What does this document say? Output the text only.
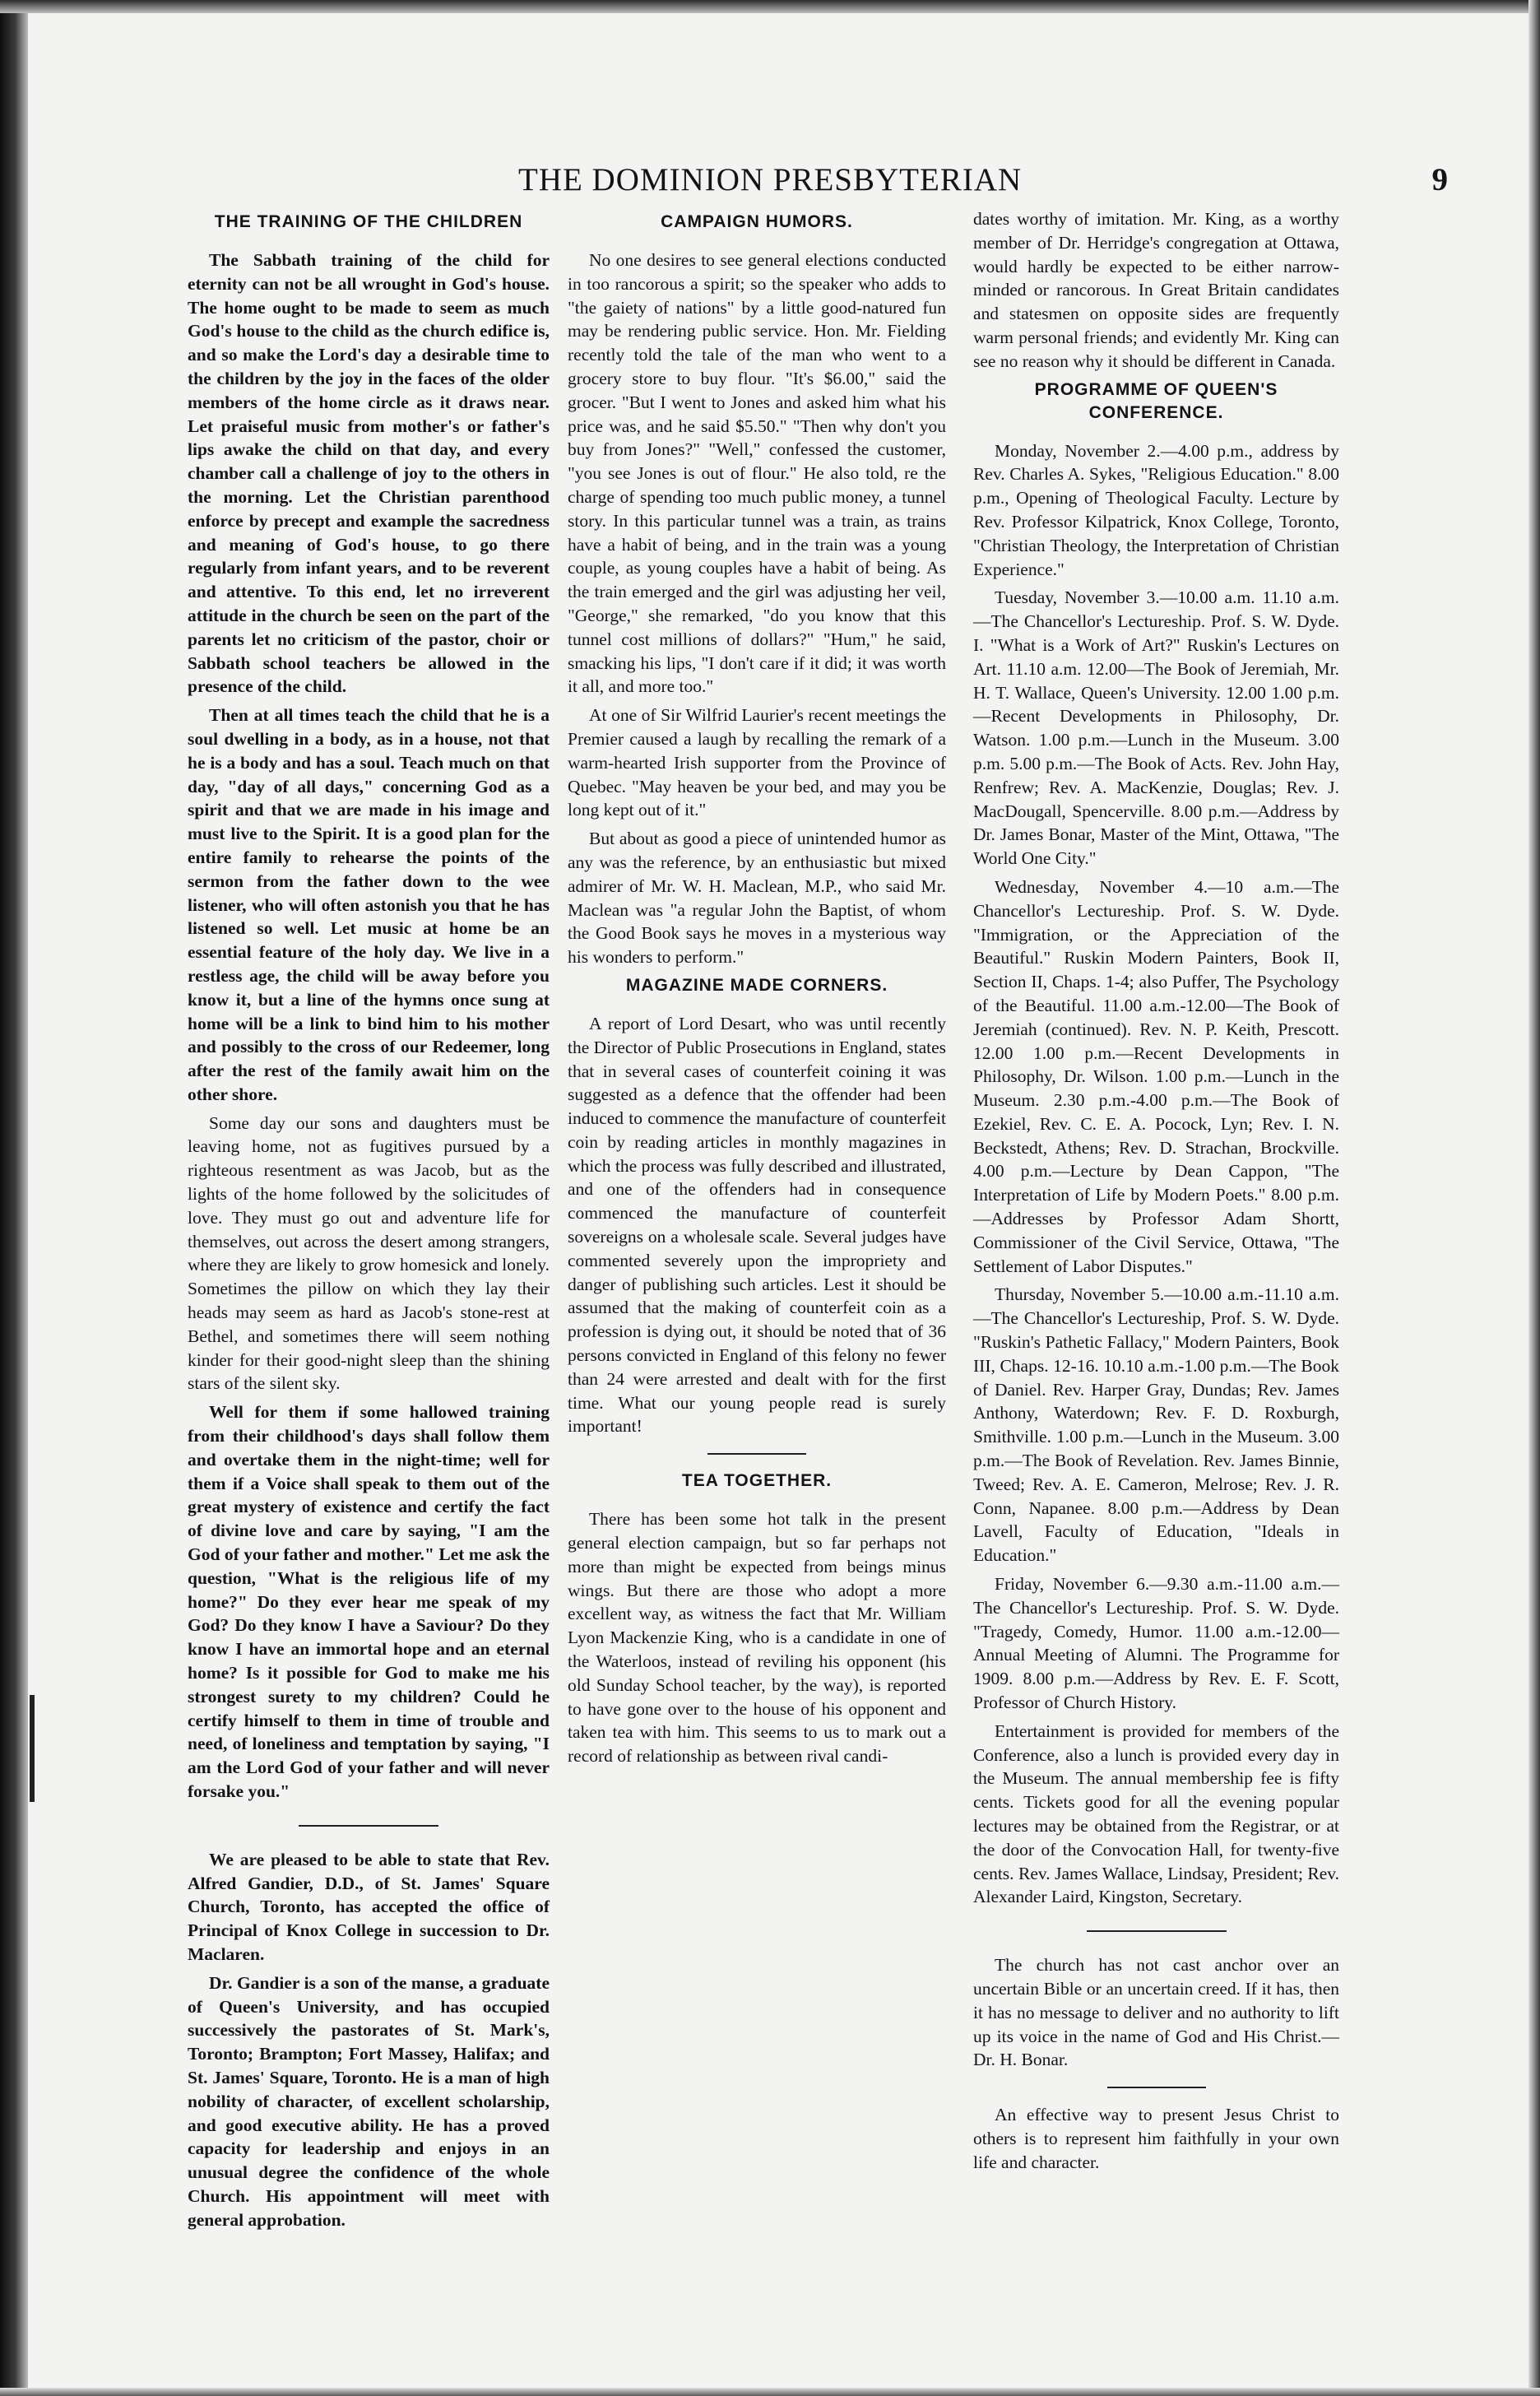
THE DOMINION PRESBYTERIAN	9
THE TRAINING OF THE CHILDREN

The Sabbath training of the child for eternity can not be all wrought in God's house. The home ought to be made to seem as much God's house to the child as the church edifice is, and so make the Lord's day a desirable time to the children by the joy in the faces of the older members of the home circle as it draws near. Let praiseful music from mother's or father's lips awake the child on that day, and every chamber call a challenge of joy to the others in the morning. Let the Christian parenthood enforce by precept and example the sacredness and meaning of God's house, to go there regularly from infant years, and to be reverent and attentive. To this end, let no irreverent attitude in the church be seen on the part of the parents let no criticism of the pastor, choir or Sabbath school teachers be allowed in the presence of the child.

Then at all times teach the child that he is a soul dwelling in a body, as in a house, not that he is a body and has a soul. Teach much on that day, "day of all days," concerning God as a spirit and that we are made in his image and must live to the Spirit. It is a good plan for the entire family to rehearse the points of the sermon from the father down to the wee listener, who will often astonish you that he has listened so well. Let music at home be an essential feature of the holy day. We live in a restless age, the child will be away before you know it, but a line of the hymns once sung at home will be a link to bind him to his mother and possibly to the cross of our Redeemer, long after the rest of the family await him on the other shore.

Some day our sons and daughters must be leaving home, not as fugitives pursued by a righteous resentment as was Jacob, but as the lights of the home followed by the solicitudes of love. They must go out and adventure life for themselves, out across the desert among strangers, where they are likely to grow homesick and lonely. Sometimes the pillow on which they lay their heads may seem as hard as Jacob's stone-rest at Bethel, and sometimes there will seem nothing kinder for their good-night sleep than the shining stars of the silent sky.

Well for them if some hallowed training from their childhood's days shall follow them and overtake them in the night-time; well for them if a Voice shall speak to them out of the great mystery of existence and certify the fact of divine love and care by saying, "I am the God of your father and mother." Let me ask the question, "What is the religious life of my home?" Do they ever hear me speak of my God? Do they know I have a Saviour? Do they know I have an immortal hope and an eternal home? Is it possible for God to make me his strongest surety to my children? Could he certify himself to them in time of trouble and need, of loneliness and temptation by saying, "I am the Lord God of your father and will never forsake you."

We are pleased to be able to state that Rev. Alfred Gandier, D.D., of St. James' Square Church, Toronto, has accepted the office of Principal of Knox College in succession to Dr. Maclaren.

Dr. Gandier is a son of the manse, a graduate of Queen's University, and has occupied successively the pastorates of St. Mark's, Toronto; Brampton; Fort Massey, Halifax; and St. James' Square, Toronto. He is a man of high nobility of character, of excellent scholarship, and good executive ability. He has a proved capacity for leadership and enjoys in an unusual degree the confidence of the whole Church. His appointment will meet with general approbation.

CAMPAIGN HUMORS.

No one desires to see general elections conducted in too rancorous a spirit; so the speaker who adds to "the gaiety of nations" by a little good-natured fun may be rendering public service. Hon. Mr. Fielding recently told the tale of the man who went to a grocery store to buy flour. "It's $6.00," said the grocer. "But I went to Jones and asked him what his price was, and he said $5.50." "Then why don't you buy from Jones?" "Well," confessed the customer, "you see Jones is out of flour." He also told, re the charge of spending too much public money, a tunnel story. In this particular tunnel was a train, as trains have a habit of being, and in the train was a young couple, as young couples have a habit of being. As the train emerged and the girl was adjusting her veil, "George," she remarked, "do you know that this tunnel cost millions of dollars?" "Hum," he said, smacking his lips, "I don't care if it did; it was worth it all, and more too."

At one of Sir Wilfrid Laurier's recent meetings the Premier caused a laugh by recalling the remark of a warm-hearted Irish supporter from the Province of Quebec. "May heaven be your bed, and may you be long kept out of it."

But about as good a piece of unintended humor as any was the reference, by an enthusiastic but mixed admirer of Mr. W. H. Maclean, M.P., who said Mr. Maclean was "a regular John the Baptist, of whom the Good Book says he moves in a mysterious way his wonders to perform."

MAGAZINE MADE CORNERS.

A report of Lord Desart, who was until recently the Director of Public Prosecutions in England, states that in several cases of counterfeit coining it was suggested as a defence that the offender had been induced to commence the manufacture of counterfeit coin by reading articles in monthly magazines in which the process was fully described and illustrated, and one of the offenders had in consequence commenced the manufacture of counterfeit sovereigns on a wholesale scale. Several judges have commented severely upon the impropriety and danger of publishing such articles. Lest it should be assumed that the making of counterfeit coin as a profession is dying out, it should be noted that of 36 persons convicted in England of this felony no fewer than 24 were arrested and dealt with for the first time. What our young people read is surely important!

TEA TOGETHER.

There has been some hot talk in the present general election campaign, but so far perhaps not more than might be expected from beings minus wings. But there are those who adopt a more excellent way, as witness the fact that Mr. William Lyon Mackenzie King, who is a candidate in one of the Waterloos, instead of reviling his opponent (his old Sunday School teacher, by the way), is reported to have gone over to the house of his opponent and taken tea with him. This seems to us to mark out a record of relationship as between rival candi-

dates worthy of imitation. Mr. King, as a worthy member of Dr. Herridge's congregation at Ottawa, would hardly be expected to be either narrow-minded or rancorous. In Great Britain candidates and statesmen on opposite sides are frequently warm personal friends; and evidently Mr. King can see no reason why it should be different in Canada.

PROGRAMME OF QUEEN'S CONFERENCE.

Monday, November 2.—4.00 p.m., address by Rev. Charles A. Sykes, "Religious Education." 8.00 p.m., Opening of Theological Faculty. Lecture by Rev. Professor Kilpatrick, Knox College, Toronto, "Christian Theology, the Interpretation of Christian Experience."

Tuesday, November 3.—10.00 a.m. 11.10 a.m.—The Chancellor's Lectureship. Prof. S. W. Dyde. I. "What is a Work of Art?" Ruskin's Lectures on Art. 11.10 a.m. 12.00—The Book of Jeremiah, Mr. H. T. Wallace, Queen's University. 12.00 1.00 p.m.—Recent Developments in Philosophy, Dr. Watson. 1.00 p.m.—Lunch in the Museum. 3.00 p.m. 5.00 p.m.—The Book of Acts. Rev. John Hay, Renfrew; Rev. A. MacKenzie, Douglas; Rev. J. MacDougall, Spencerville. 8.00 p.m.—Address by Dr. James Bonar, Master of the Mint, Ottawa, "The World One City."

Wednesday, November 4.—10 a.m.—The Chancellor's Lectureship. Prof. S. W. Dyde. "Immigration, or the Appreciation of the Beautiful." Ruskin Modern Painters, Book II, Section II, Chaps. 1-4; also Puffer, The Psychology of the Beautiful. 11.00 a.m.-12.00—The Book of Jeremiah (continued). Rev. N. P. Keith, Prescott. 12.00 1.00 p.m.—Recent Developments in Philosophy, Dr. Wilson. 1.00 p.m.—Lunch in the Museum. 2.30 p.m.-4.00 p.m.—The Book of Ezekiel, Rev. C. E. A. Pocock, Lyn; Rev. I. N. Beckstedt, Athens; Rev. D. Strachan, Brockville. 4.00 p.m.—Lecture by Dean Cappon, "The Interpretation of Life by Modern Poets." 8.00 p.m.—Addresses by Professor Adam Shortt, Commissioner of the Civil Service, Ottawa, "The Settlement of Labor Disputes."

Thursday, November 5.—10.00 a.m.-11.10 a.m.—The Chancellor's Lectureship, Prof. S. W. Dyde. "Ruskin's Pathetic Fallacy," Modern Painters, Book III, Chaps. 12-16. 10.10 a.m.-1.00 p.m.—The Book of Daniel. Rev. Harper Gray, Dundas; Rev. James Anthony, Waterdown; Rev. F. D. Roxburgh, Smithville. 1.00 p.m.—Lunch in the Museum. 3.00 p.m.—The Book of Revelation. Rev. James Binnie, Tweed; Rev. A. E. Cameron, Melrose; Rev. J. R. Conn, Napanee. 8.00 p.m.—Address by Dean Lavell, Faculty of Education, "Ideals in Education."

Friday, November 6.—9.30 a.m.-11.00 a.m.—The Chancellor's Lectureship. Prof. S. W. Dyde. "Tragedy, Comedy, Humor. 11.00 a.m.-12.00—Annual Meeting of Alumni. The Programme for 1909. 8.00 p.m.—Address by Rev. E. F. Scott, Professor of Church History.

Entertainment is provided for members of the Conference, also a lunch is provided every day in the Museum. The annual membership fee is fifty cents. Tickets good for all the evening popular lectures may be obtained from the Registrar, or at the door of the Convocation Hall, for twenty-five cents. Rev. James Wallace, Lindsay, President; Rev. Alexander Laird, Kingston, Secretary.

The church has not cast anchor over an uncertain Bible or an uncertain creed. If it has, then it has no message to deliver and no authority to lift up its voice in the name of God and His Christ.—Dr. H. Bonar.

An effective way to present Jesus Christ to others is to represent him faithfully in your own life and character.
